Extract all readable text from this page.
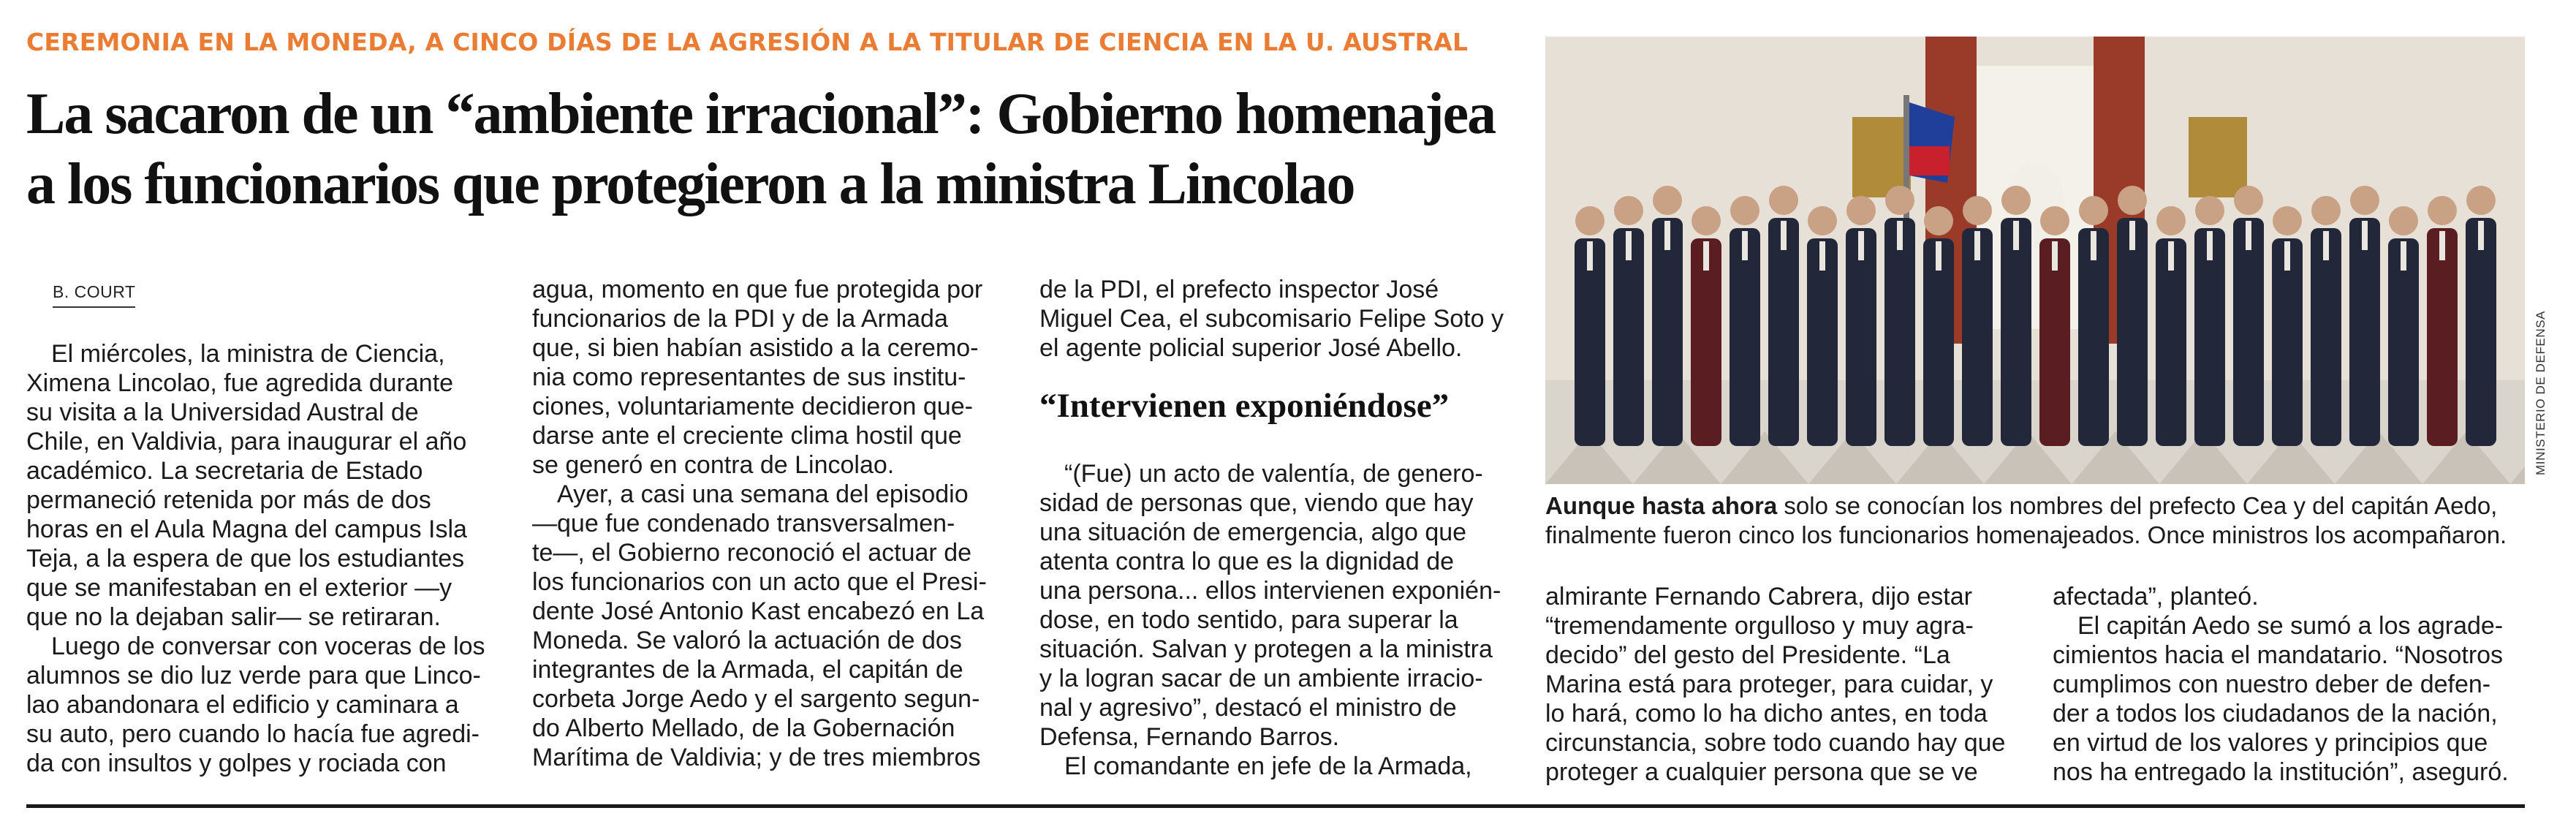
CEREMONIA EN LA MONEDA, A CINCO DÍAS DE LA AGRESIÓN A LA TITULAR DE CIENCIA EN LA U. AUSTRAL
La sacaron de un “ambiente irracional”: Gobierno homenajea
a los funcionarios que protegieron a la ministra Lincolao
B. COURT
 El miércoles, la ministra de Ciencia,
Ximena Lincolao, fue agredida durante
su visita a la Universidad Austral de
Chile, en Valdivia, para inaugurar el año
académico. La secretaria de Estado
permaneció retenida por más de dos
horas en el Aula Magna del campus Isla
Teja, a la espera de que los estudiantes
que se manifestaban en el exterior —y
que no la dejaban salir— se retiraran.
 Luego de conversar con voceras de los
alumnos se dio luz verde para que Linco-
lao abandonara el edificio y caminara a
su auto, pero cuando lo hacía fue agredi-
da con insultos y golpes y rociada con
agua, momento en que fue protegida por
funcionarios de la PDI y de la Armada
que, si bien habían asistido a la ceremo-
nia como representantes de sus institu-
ciones, voluntariamente decidieron que-
darse ante el creciente clima hostil que
se generó en contra de Lincolao.
 Ayer, a casi una semana del episodio
—que fue condenado transversalmen-
te—, el Gobierno reconoció el actuar de
los funcionarios con un acto que el Presi-
dente José Antonio Kast encabezó en La
Moneda. Se valoró la actuación de dos
integrantes de la Armada, el capitán de
corbeta Jorge Aedo y el sargento segun-
do Alberto Mellado, de la Gobernación
Marítima de Valdivia; y de tres miembros
de la PDI, el prefecto inspector José
Miguel Cea, el subcomisario Felipe Soto y
el agente policial superior José Abello.
“Intervienen exponiéndose”
 “(Fue) un acto de valentía, de genero-
sidad de personas que, viendo que hay
una situación de emergencia, algo que
atenta contra lo que es la dignidad de
una persona... ellos intervienen exponién-
dose, en todo sentido, para superar la
situación. Salvan y protegen a la ministra
y la logran sacar de un ambiente irracio-
nal y agresivo”, destacó el ministro de
Defensa, Fernando Barros.
 El comandante en jefe de la Armada,
MINISTERIO DE DEFENSA
Aunque hasta ahora solo se conocían los nombres del prefecto Cea y del capitán Aedo,
finalmente fueron cinco los funcionarios homenajeados. Once ministros los acompañaron.
almirante Fernando Cabrera, dijo estar
“tremendamente orgulloso y muy agra-
decido” del gesto del Presidente. “La
Marina está para proteger, para cuidar, y
lo hará, como lo ha dicho antes, en toda
circunstancia, sobre todo cuando hay que
proteger a cualquier persona que se ve
afectada”, planteó.
 El capitán Aedo se sumó a los agrade-
cimientos hacia el mandatario. “Nosotros
cumplimos con nuestro deber de defen-
der a todos los ciudadanos de la nación,
en virtud de los valores y principios que
nos ha entregado la institución”, aseguró.
